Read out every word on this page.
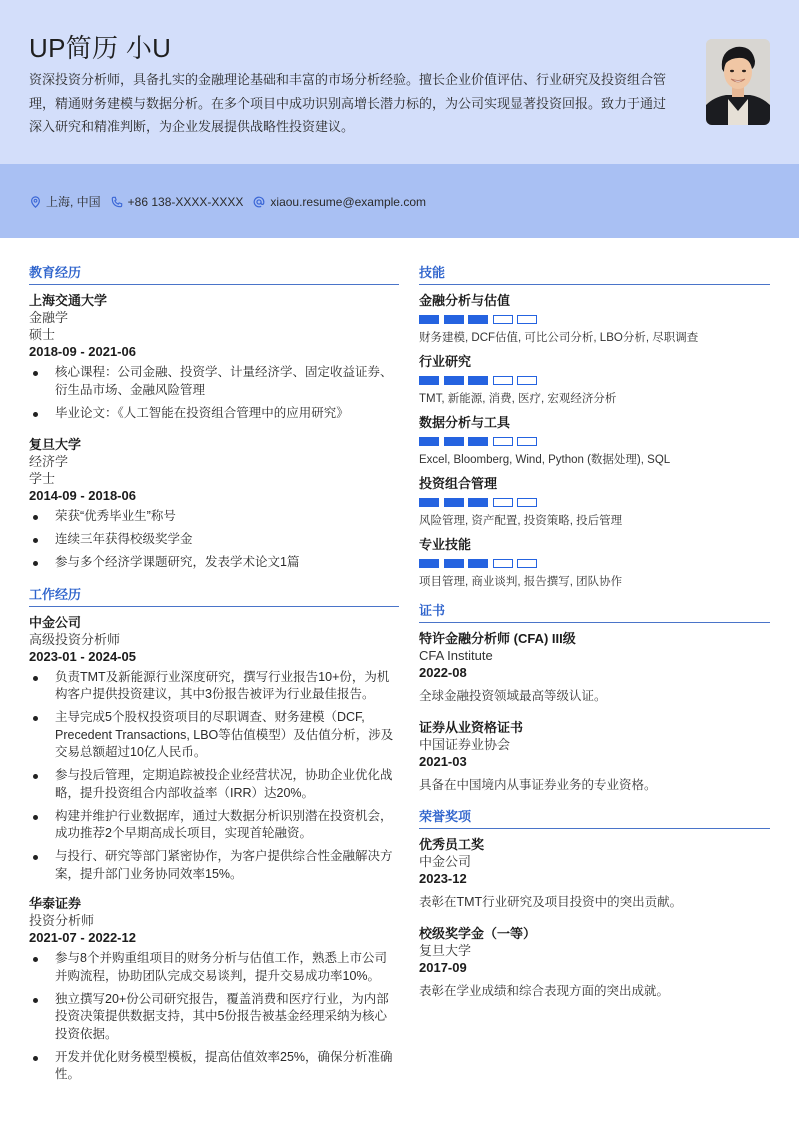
UP简历 小U
资深投资分析师，具备扎实的金融理论基础和丰富的市场分析经验。擅长企业价值评估、行业研究及投资组合管理，精通财务建模与数据分析。在多个项目中成功识别高增长潜力标的，为公司实现显著投资回报。致力于通过深入研究和精准判断，为企业发展提供战略性投资建议。
上海, 中国 +86 138-XXXX-XXXX xiaou.resume@example.com
教育经历
上海交通大学
金融学
硕士
2018-09 - 2021-06
核心课程：公司金融、投资学、计量经济学、固定收益证券、衍生品市场、金融风险管理
毕业论文：《人工智能在投资组合管理中的应用研究》
复旦大学
经济学
学士
2014-09 - 2018-06
荣获“优秀毕业生”称号
连续三年获得校级奖学金
参与多个经济学课题研究，发表学术论文1篇
工作经历
中金公司
高级投资分析师
2023-01 - 2024-05
负责TMT及新能源行业深度研究，撰写行业报告10+份，为机构客户提供投资建议，其中3份报告被评为行业最佳报告。
主导完成5个股权投资项目的尽职调查、财务建模（DCF, Precedent Transactions, LBO等估值模型）及估值分析，涉及交易总额超过10亿人民币。
参与投后管理，定期追踪被投企业经营状况，协助企业优化战略，提升投资组合内部收益率（IRR）达20%。
构建并维护行业数据库，通过大数据分析识别潜在投资机会，成功推荐2个早期高成长项目，实现首轮融资。
与投行、研究等部门紧密协作，为客户提供综合性金融解决方案，提升部门业务协同效率15%。
华泰证券
投资分析师
2021-07 - 2022-12
参与8个并购重组项目的财务分析与估值工作，熟悉上市公司并购流程，协助团队完成交易谈判，提升交易成功率10%。
独立撰写20+份公司研究报告，覆盖消费和医疗行业，为内部投资决策提供数据支持，其中5份报告被基金经理采纳为核心投资依据。
开发并优化财务模型模板，提高估值效率25%，确保分析准确性。
技能
金融分析与估值
财务建模, DCF估值, 可比公司分析, LBO分析, 尽职调查
行业研究
TMT, 新能源, 消费, 医疗, 宏观经济分析
数据分析与工具
Excel, Bloomberg, Wind, Python (数据处理), SQL
投资组合管理
风险管理, 资产配置, 投资策略, 投后管理
专业技能
项目管理, 商业谈判, 报告撰写, 团队协作
证书
特许金融分析师 (CFA) III级
CFA Institute
2022-08
全球金融投资领域最高等级认证。
证券从业资格证书
中国证券业协会
2021-03
具备在中国境内从事证券业务的专业资格。
荣誉奖项
优秀员工奖
中金公司
2023-12
表彰在TMT行业研究及项目投资中的突出贡献。
校级奖学金（一等）
复旦大学
2017-09
表彰在学业成绩和综合表现方面的突出成就。
